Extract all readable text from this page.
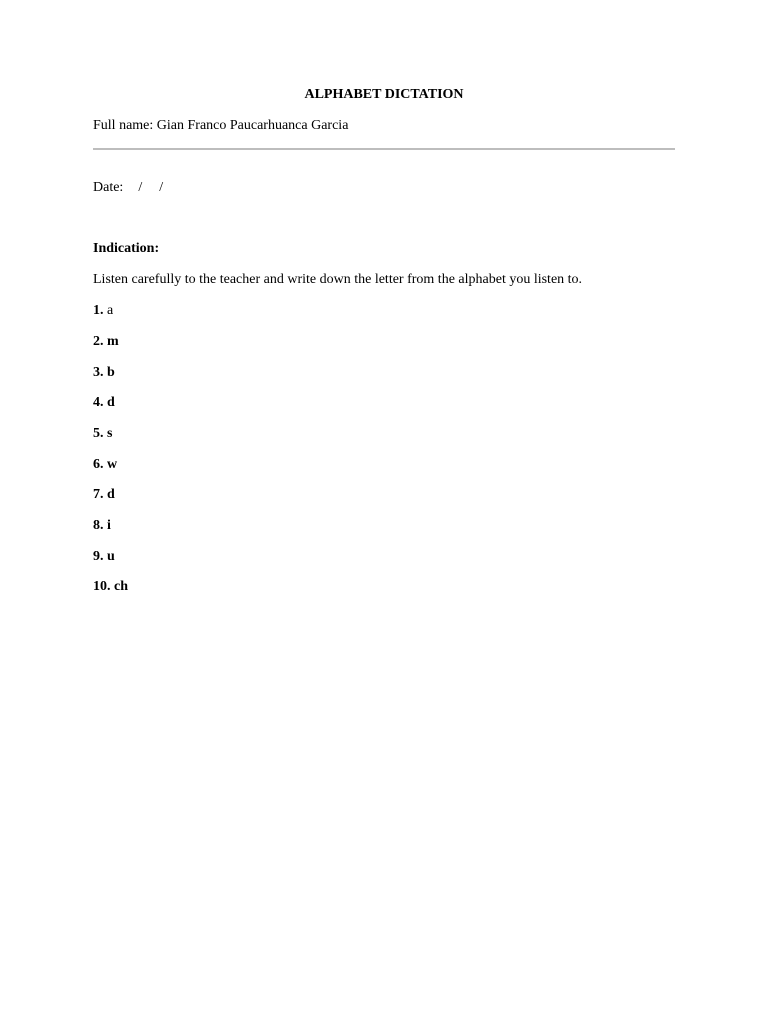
ALPHABET DICTATION
Full name: Gian Franco Paucarhuanca Garcia
Date: / /
Indication:
Listen carefully to the teacher and write down the letter from the alphabet you listen to.
1. a
2. m
3. b
4. d
5. s
6. w
7. d
8. i
9. u
10. ch
